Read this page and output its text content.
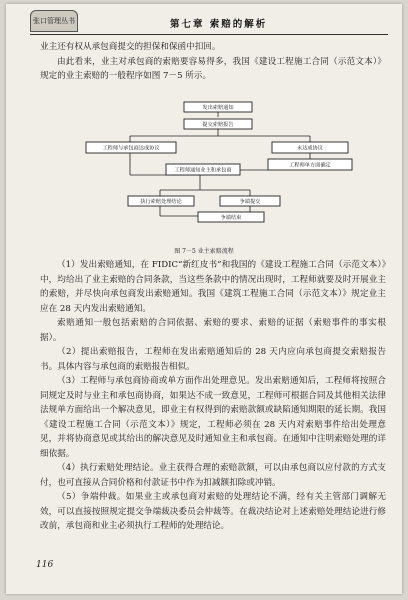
张口管理丛书	第七章 索赔的解析

业主还有权从承包商提交的担保和保函中扣回。

由此看来，业主对承包商的索赔要容易得多，我国《建设工程施工合同（示范文本）》规定的业主索赔的一般程序如图 7－5 所示。

发出索赔通知
提交索赔报告
工程师与承包商达成协议	未达成协议
工程师通知业主和承包商
工程师单方面确定
执行索赔处理结论	争端提交
争端结束
图 7－5 业主索赔流程

（1）发出索赔通知，在 FIDIC“新红皮书”和我国的《建设工程施工合同（示范文本）》中，均给出了业主索赔的合同条款，当这些条款中的情况出现时，工程师就要及时开展业主的索赔，并尽快向承包商发出索赔通知。我国《建筑工程施工合同（示范文本）》规定业主应在 28 天内发出索赔通知。

索赔通知一般包括索赔的合同依据、索赔的要求、索赔的证据（索赔事件的事实根据）。

（2）提出索赔报告，工程师在发出索赔通知后的 28 天内应向承包商提交索赔报告书。具体内容与承包商的索赔报告相似。

（3）工程师与承包商协商或单方面作出处理意见。发出索赔通知后，工程师将按照合同规定及时与业主和承包商协商，如果达不成一致意见，工程师可根据合同及其他相关法律法规单方面给出一个解决意见，即业主有权得到的索赔款额或缺陷通知期限的延长期。我国《建设工程施工合同（示范文本）》规定，工程师必须在 28 天内对索赔事件给出处理意见，并将协商意见或其给出的解决意见及时通知业主和承包商。在通知中注明索赔处理的详细依据。

（4）执行索赔处理结论。业主获得合理的索赔款额，可以由承包商以应付款的方式支付，也可直接从合同价格和付款证书中作为扣减额扣除或冲销。

（5）争端仲裁。如果业主或承包商对索赔的处理结论不满，经有关主管部门调解无效，可以直接按照规定提交争端裁决委员会仲裁等。在裁决结论对上述索赔处理结论进行修改前，承包商和业主必须执行工程师的处理结论。

116
